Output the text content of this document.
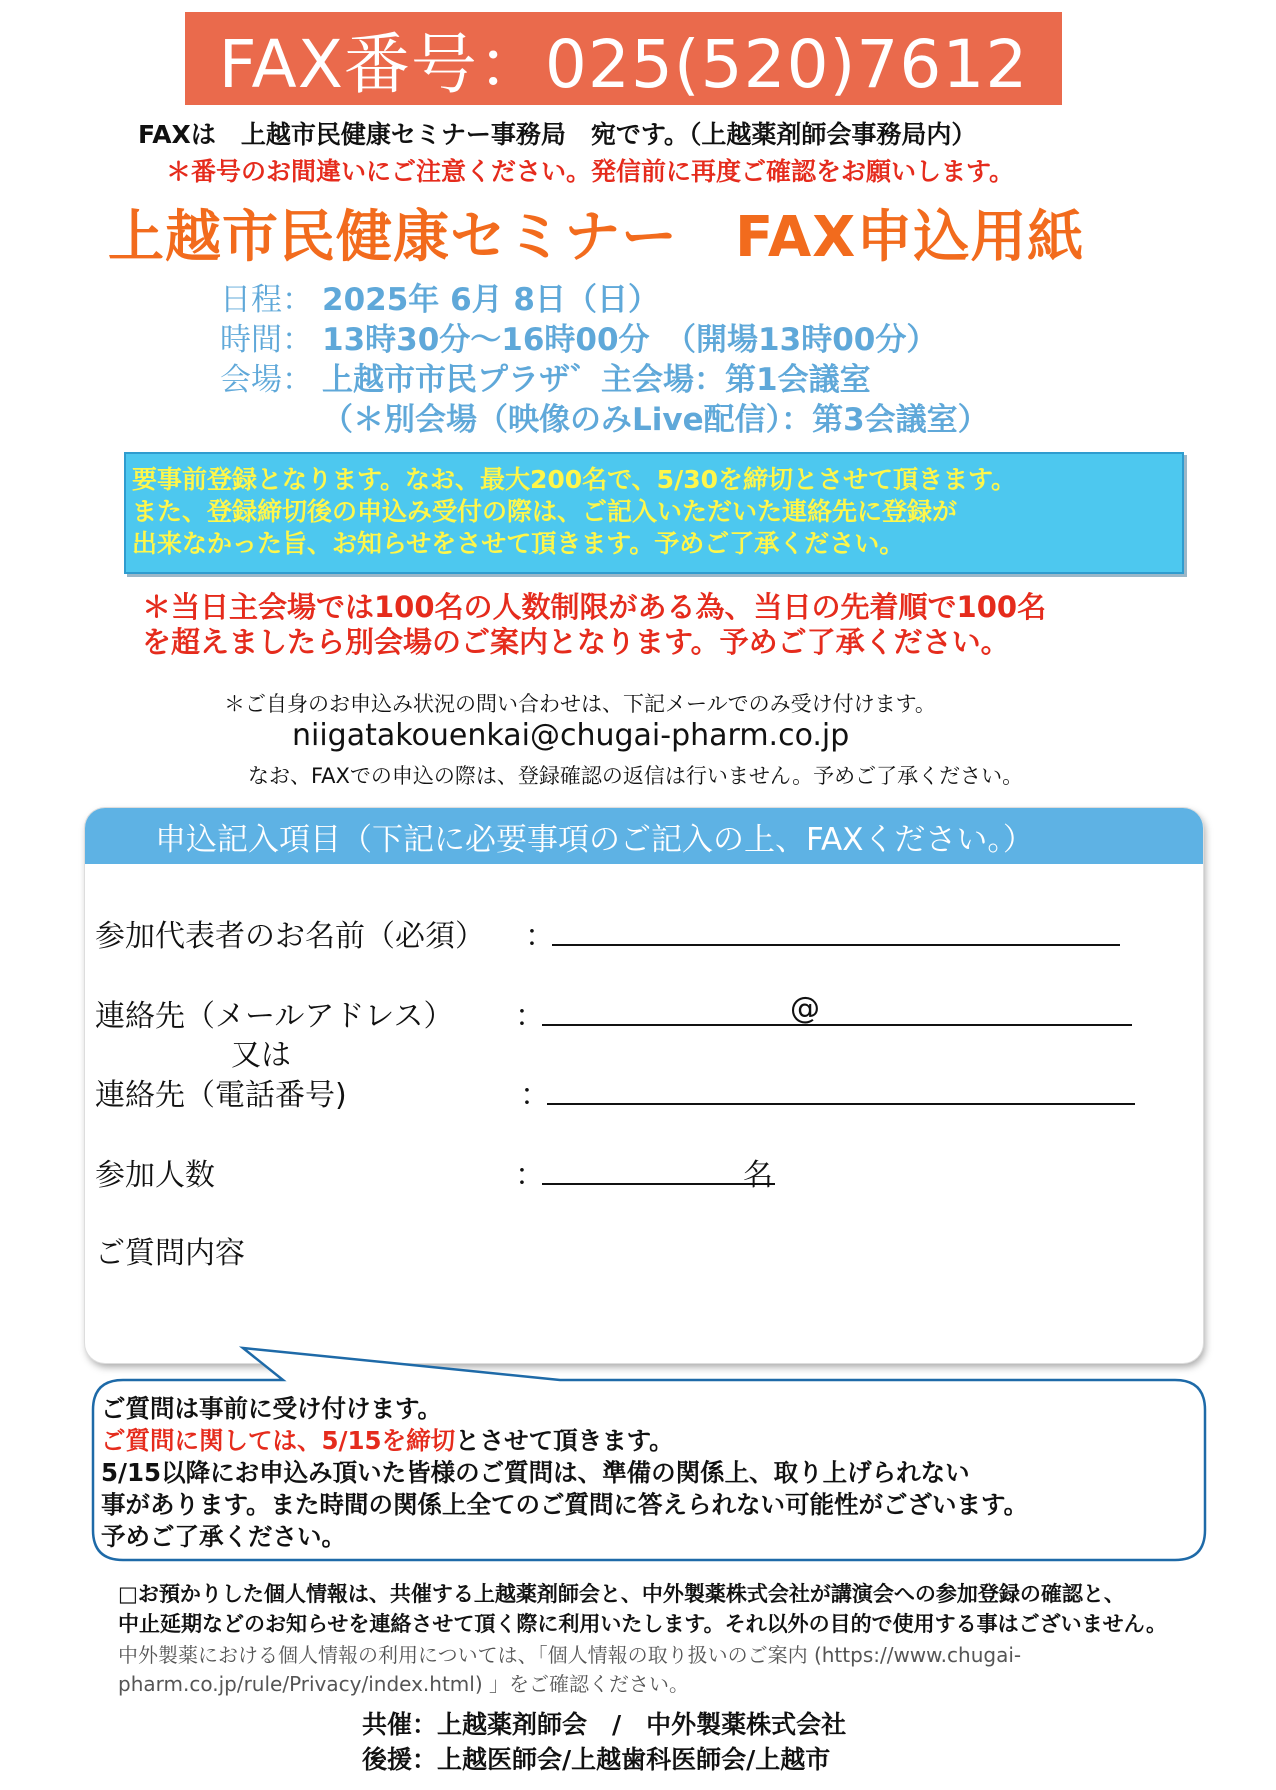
FAX番号：025(520)7612
FAXは　上越市民健康セミナー事務局　宛です。（上越薬剤師会事務局内）
＊番号のお間違いにご注意ください。発信前に再度ご確認をお願いします。
上越市民健康セミナー　FAX申込用紙
日程： 2025年 6月 8日（日）
時間： 13時30分～16時00分　（開場13時00分）
会場： 上越市市民プラザ゛主会場：第1会議室
（＊別会場（映像のみLive配信）：第3会議室）
要事前登録となります。なお、最大200名で、5/30を締切とさせて頂きます。
また、登録締切後の申込み受付の際は、ご記入いただいた連絡先に登録が
出来なかった旨、お知らせをさせて頂きます。予めご了承ください。
＊当日主会場では100名の人数制限がある為、当日の先着順で100名
を超えましたら別会場のご案内となります。予めご了承ください。
＊ご自身のお申込み状況の問い合わせは、下記メールでのみ受け付けます。
niigatakouenkai@chugai-pharm.co.jp
なお、FAXでの申込の際は、登録確認の返信は行いません。予めご了承ください。
申込記入項目（下記に必要事項のご記入の上、FAXください。）
参加代表者のお名前（必須） ：
連絡先（メールアドレス） ：	@
又は
連絡先（電話番号)	：
参加人数	：	名
ご質問内容
ご質問は事前に受け付けます。
ご質問に関しては、5/15を締切とさせて頂きます。
5/15以降にお申込み頂いた皆様のご質問は、準備の関係上、取り上げられない
事があります。また時間の関係上全てのご質問に答えられない可能性がございます。
予めご了承ください。
□お預かりした個人情報は、共催する上越薬剤師会と、中外製薬株式会社が講演会への参加登録の確認と、
中止延期などのお知らせを連絡させて頂く際に利用いたします。それ以外の目的で使用する事はございません。
中外製薬における個人情報の利用については、「個人情報の取り扱いのご案内 (https://www.chugai-
pharm.co.jp/rule/Privacy/index.html) 」をご確認ください。
共催：上越薬剤師会　/　中外製薬株式会社
後援：上越医師会/上越歯科医師会/上越市
